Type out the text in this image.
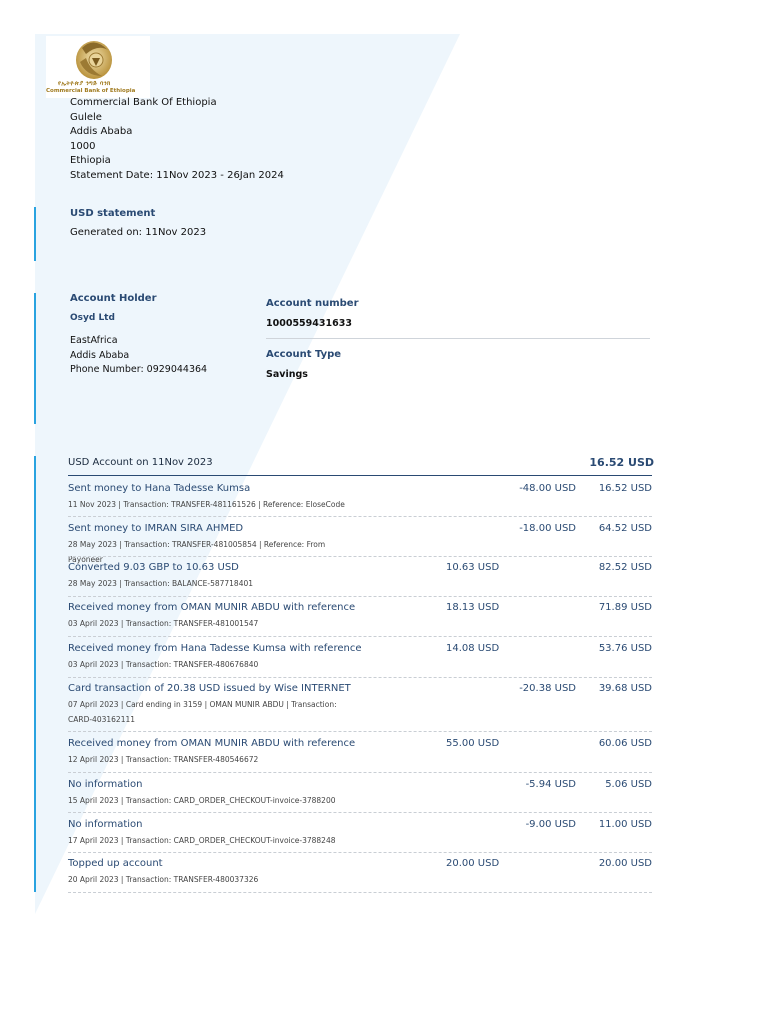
የኢትዮጵያ ንግድ ባንክ
Commercial Bank of Ethiopia
Commercial Bank Of Ethiopia
Gulele
Addis Ababa
1000
Ethiopia
Statement Date: 11Nov 2023 - 26Jan 2024
USD statement
Generated on: 11Nov 2023
Account Holder
Osyd Ltd
EastAfrica
Addis Ababa
Phone Number: 0929044364
Account number
1000559431633
Account Type
Savings
USD Account on 11Nov 2023	16.52 USD
Sent money to Hana Tadesse Kumsa
11 Nov 2023 | Transaction: TRANSFER-481161526 | Reference: EloseCode
-48.00 USD 16.52 USD
Sent money to IMRAN SIRA AHMED
28 May 2023 | Transaction: TRANSFER-481005854 | Reference: From Payoneer
-18.00 USD 64.52 USD
Converted 9.03 GBP to 10.63 USD
28 May 2023 | Transaction: BALANCE-587718401
10.63 USD	82.52 USD
Received money from OMAN MUNIR ABDU with reference
03 April 2023 | Transaction: TRANSFER-481001547
18.13 USD	71.89 USD
Received money from Hana Tadesse Kumsa with reference
03 April 2023 | Transaction: TRANSFER-480676840
14.08 USD	53.76 USD
Card transaction of 20.38 USD issued by Wise INTERNET
07 April 2023 | Card ending in 3159 | OMAN MUNIR ABDU | Transaction: CARD-403162111
-20.38 USD 39.68 USD
Received money from OMAN MUNIR ABDU with reference
12 April 2023 | Transaction: TRANSFER-480546672
55.00 USD	60.06 USD
No information
15 April 2023 | Transaction: CARD_ORDER_CHECKOUT-invoice-3788200
-5.94 USD	5.06 USD
No information
17 April 2023 | Transaction: CARD_ORDER_CHECKOUT-invoice-3788248
-9.00 USD 11.00 USD
Topped up account
20 April 2023 | Transaction: TRANSFER-480037326
20.00 USD	20.00 USD
